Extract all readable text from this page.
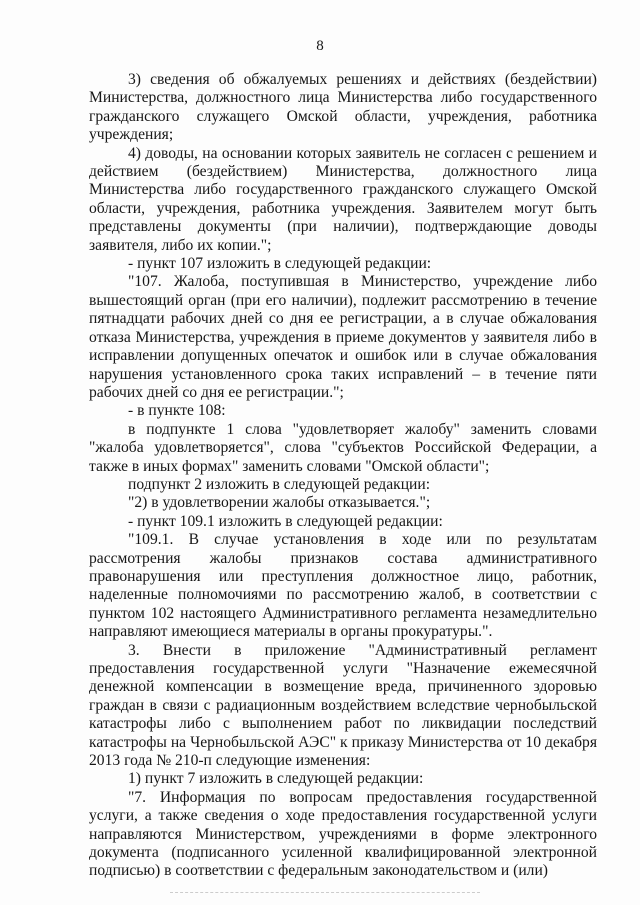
8

3) сведения об обжалуемых решениях и действиях (бездействии) Министерства, должностного лица Министерства либо государственного гражданского служащего Омской области, учреждения, работника учреждения;

4) доводы, на основании которых заявитель не согласен с решением и действием (бездействием) Министерства, должностного лица Министерства либо государственного гражданского служащего Омской области, учреждения, работника учреждения. Заявителем могут быть представлены документы (при наличии), подтверждающие доводы заявителя, либо их копии.";

- пункт 107 изложить в следующей редакции:

"107. Жалоба, поступившая в Министерство, учреждение либо вышестоящий орган (при его наличии), подлежит рассмотрению в течение пятнадцати рабочих дней со дня ее регистрации, а в случае обжалования отказа Министерства, учреждения в приеме документов у заявителя либо в исправлении допущенных опечаток и ошибок или в случае обжалования нарушения установленного срока таких исправлений – в течение пяти рабочих дней со дня ее регистрации.";

- в пункте 108:

в подпункте 1 слова "удовлетворяет жалобу" заменить словами "жалоба удовлетворяется", слова "субъектов Российской Федерации, а также в иных формах" заменить словами "Омской области";

подпункт 2 изложить в следующей редакции:

"2) в удовлетворении жалобы отказывается.";

- пункт 109.1 изложить в следующей редакции:

"109.1. В случае установления в ходе или по результатам рассмотрения жалобы признаков состава административного правонарушения или преступления должностное лицо, работник, наделенные полномочиями по рассмотрению жалоб, в соответствии с пунктом 102 настоящего Административного регламента незамедлительно направляют имеющиеся материалы в органы прокуратуры.".

3. Внести в приложение "Административный регламент предоставления государственной услуги "Назначение ежемесячной денежной компенсации в возмещение вреда, причиненного здоровью граждан в связи с радиационным воздействием вследствие чернобыльской катастрофы либо с выполнением работ по ликвидации последствий катастрофы на Чернобыльской АЭС" к приказу Министерства от 10 декабря 2013 года № 210-п следующие изменения:

1) пункт 7 изложить в следующей редакции:

"7. Информация по вопросам предоставления государственной услуги, а также сведения о ходе предоставления государственной услуги направляются Министерством, учреждениями в форме электронного документа (подписанного усиленной квалифицированной электронной подписью) в соответствии с федеральным законодательством и (или)
